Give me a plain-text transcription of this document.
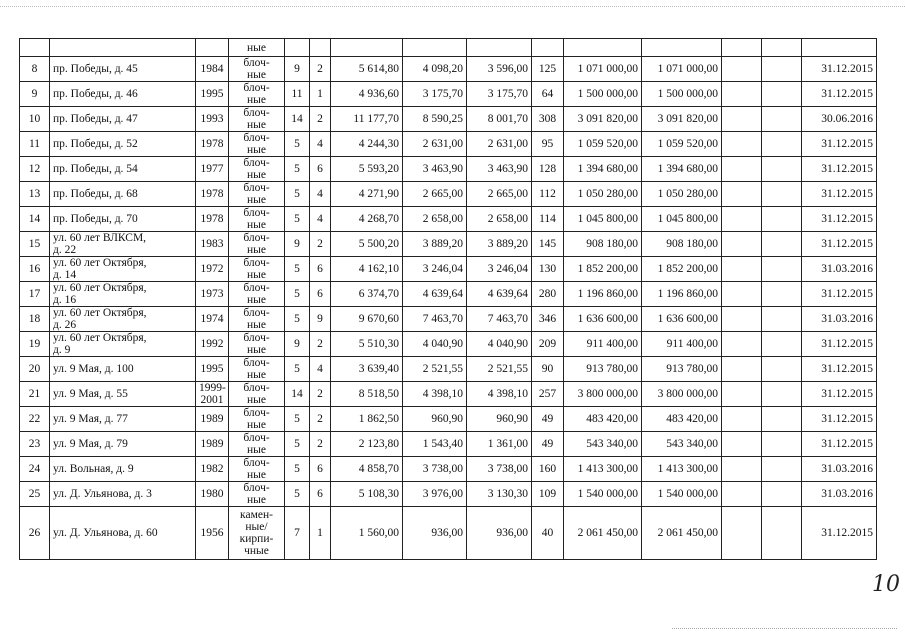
			ные											
8	пр. Победы, д. 45	1984	блоч-
ные	9	2	5 614,80	4 098,20	3 596,00	125	1 071 000,00	1 071 000,00			31.12.2015
9	пр. Победы, д. 46	1995	блоч-
ные	11	1	4 936,60	3 175,70	3 175,70	64	1 500 000,00	1 500 000,00			31.12.2015
10	пр. Победы, д. 47	1993	блоч-
ные	14	2	11 177,70	8 590,25	8 001,70	308	3 091 820,00	3 091 820,00			30.06.2016
11	пр. Победы, д. 52	1978	блоч-
ные	5	4	4 244,30	2 631,00	2 631,00	95	1 059 520,00	1 059 520,00			31.12.2015
12	пр. Победы, д. 54	1977	блоч-
ные	5	6	5 593,20	3 463,90	3 463,90	128	1 394 680,00	1 394 680,00			31.12.2015
13	пр. Победы, д. 68	1978	блоч-
ные	5	4	4 271,90	2 665,00	2 665,00	112	1 050 280,00	1 050 280,00			31.12.2015
14	пр. Победы, д. 70	1978	блоч-
ные	5	4	4 268,70	2 658,00	2 658,00	114	1 045 800,00	1 045 800,00			31.12.2015
15	ул. 60 лет ВЛКСМ,
д. 22	1983	блоч-
ные	9	2	5 500,20	3 889,20	3 889,20	145	908 180,00	908 180,00			31.12.2015
16	ул. 60 лет Октября,
д. 14	1972	блоч-
ные	5	6	4 162,10	3 246,04	3 246,04	130	1 852 200,00	1 852 200,00			31.03.2016
17	ул. 60 лет Октября,
д. 16	1973	блоч-
ные	5	6	6 374,70	4 639,64	4 639,64	280	1 196 860,00	1 196 860,00			31.12.2015
18	ул. 60 лет Октября,
д. 26	1974	блоч-
ные	5	9	9 670,60	7 463,70	7 463,70	346	1 636 600,00	1 636 600,00			31.03.2016
19	ул. 60 лет Октября,
д. 9	1992	блоч-
ные	9	2	5 510,30	4 040,90	4 040,90	209	911 400,00	911 400,00			31.12.2015
20	ул. 9 Мая, д. 100	1995	блоч-
ные	5	4	3 639,40	2 521,55	2 521,55	90	913 780,00	913 780,00			31.12.2015
21	ул. 9 Мая, д. 55	1999-
2001	блоч-
ные	14	2	8 518,50	4 398,10	4 398,10	257	3 800 000,00	3 800 000,00			31.12.2015
22	ул. 9 Мая, д. 77	1989	блоч-
ные	5	2	1 862,50	960,90	960,90	49	483 420,00	483 420,00			31.12.2015
23	ул. 9 Мая, д. 79	1989	блоч-
ные	5	2	2 123,80	1 543,40	1 361,00	49	543 340,00	543 340,00			31.12.2015
24	ул. Вольная, д. 9	1982	блоч-
ные	5	6	4 858,70	3 738,00	3 738,00	160	1 413 300,00	1 413 300,00			31.03.2016
25	ул. Д. Ульянова, д. 3	1980	блоч-
ные	5	6	5 108,30	3 976,00	3 130,30	109	1 540 000,00	1 540 000,00			31.03.2016
26	ул. Д. Ульянова, д. 60	1956	камен-
ные/
кирпи-
чные	7	1	1 560,00	936,00	936,00	40	2 061 450,00	2 061 450,00			31.12.2015
10
